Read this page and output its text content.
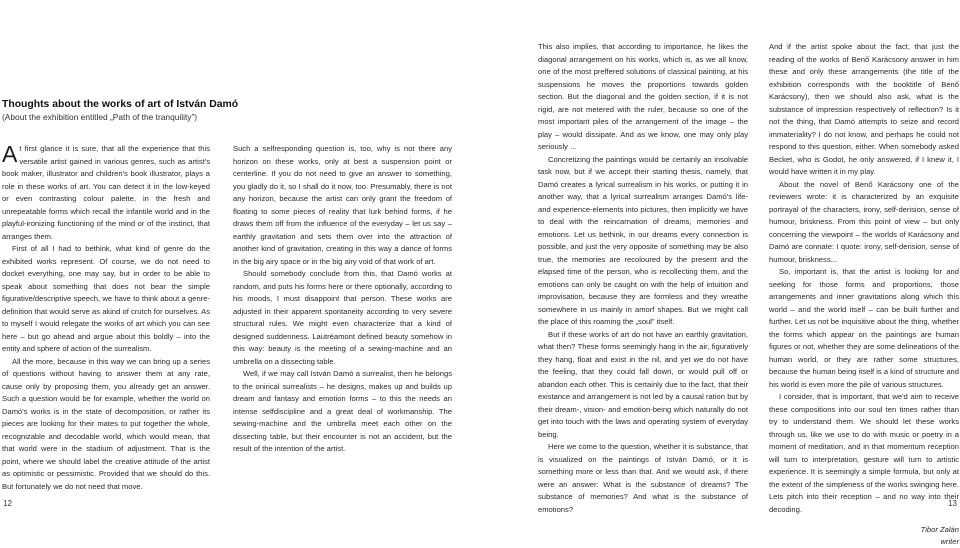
Thoughts about the works of art of István Damó
(About the exhibition entitled „Path of the tranquility”)

At first glance it is sure, that all the experience that this versatile artist gained in various genres, such as artist's book maker, illustrator and children's book illustrator, plays a role in these works of art. You can detect it in the low-keyed or even contrasting colour palette, in the fresh and unrepeatable forms which recall the infantile world and in the playful-ironizing functioning of the mind or of the instinct, that arranges them.

First of all I had to bethink, what kind of genre do the exhibited works represent. Of course, we do not need to docket everything, one may say, but in order to be able to speak about something that does not bear the simple figurative/descriptive speech, we have to think about a genre-definition that would serve as akind of crutch for ourselves. As to myself I would relegate the works of art which you can see here – but go ahead and argue about this boldly – into the entity and sphere of action of the surrealism.

All the more, because in this way we can bring up a series of questions without having to answer them at any rate, cause only by proposing them, you already get an answer. Such a question would be for example, whether the world on Damó's works is in the state of decomposition, or rather its pieces are looking for their mates to put together the whole, recognizable and decodable world, which would mean, that that world were in the stadium of adjustment. That is the point, where we should label the creative attitude of the artist as optimistic or pessimistic. Provided that we should do this. But fortunately we do not need that move.

Such a selfresponding question is, too, why is not there any horizon on these works, only at best a suspension point or centerline. If you do not need to give an answer to something, you gladly do it, so I shall do it now, too. Presumably, there is not any horizon, because the artist can only grant the freedom of floating to some pieces of reality that lurk behind forms, if he draws them off from the influence of the everyday – let us say – earthly gravitation and sets them over into the attraction of another kind of gravitation, creating in this way a dance of forms in the big airy space or in the big airy void of that work of art.

Should somebody conclude from this, that Damó works at random, and puts his forms here or there optionally, according to his moods, I must disappoint that person. These works are adjusted in their apparent spontaneity according to very severe structural rules. We might even characterize that a kind of designed suddenness. Lautréamont defined beauty somehow in this way: beauty is the meeting of a sewing-machine and an umbrella on a dissecting table.

Well, if we may call István Damó a surrealist, then he belongs to the onirical surrealists – he designs, makes up and builds up dream and fantasy and emotion forms – to this the needs an intense selfdiscipline and a great deal of workmanship. The sewing-machine and the umbrella meet each other on the dissecting table, but their encounter is not an accident, but the result of the intention of the artist.

12	13

This also implies, that according to importance, he likes the diagonal arrangement on his works, which is, as we all know, one of the most preffered solutions of classical painting, at his suspensions he moves the proportions towards golden section. But the diagonal and the golden section, if it is not rigid, are not metered with the ruler, because so one of the most important piles of the arrangement of the image – the play – would dissipate. And as we know, one may only play seriously ...

Concretizing the paintings would be certainly an insolvable task now, but if we accept their starting thesis, namely, that Damó creates a lyrical surrealism in his works, or putting it in another way, that a lyrical surrealism arranges Damó's life- and experience-elements into pictures, then implicitly we have to deal with the reincarnation of dreams, memories and emotions. Let us bethink, in our dreams every connection is possible, and just the very opposite of something may be also true, the memories are recoloured by the present and the elapsed time of the person, who is recollecting them, and the emotions can only be caught on with the help of intuition and improvisation, because they are formless and they wreathe somewhere in us mainly in amorf shapes. But we might call the place of this roaming the „soul” itself.

But if these works of art do not have an earthly gravitation, what then? These forms seemingly hang in the air, figuratively they hang, float and exist in the nil, and yet we do not have the feeling, that they could fall down, or would pull off or abandon each other. This is certainly due to the fact, that their existance and arrangement is not led by a causal ration but by their dream-, vision- and emotion-being which naturally do not get into touch with the laws and operating system of everyday being.

Here we come to the question, whether it is substance, that is visualized on the paintings of István Damó, or it is something more or less than that. And we would ask, if there were an answer: What is the substance of dreams? The substance of memories? And what is the substance of emotions?

And if the artist spoke about the fact, that just the reading of the works of Benő Karácsony answer in him these and only these arrangements (the title of the exhibition corresponds with the booktitle of Benő Karácsony), then we should also ask, what is the substance of impression respectively of reflection? Is it not the thing, that Damó attempts to seize and record immateriality? I do not know, and perhaps he could not respond to this question, either. When somebody asked Becket, who is Godot, he only answered, if I knew it, I would have written it in my play.

About the novel of Benő Karácsony one of the reviewers wrote: it is characterized by an exquisite portrayal of the characters, irony, self-derision, sense of humour, briskness. From this point of view – but only concerning the viewpoint – the worlds of Karácsony and Damó are connate: I quote: irony, self-derision, sense of humour, briskness...

So, important is, that the artist is looking for and seeking for those forms and proportions, those arrangements and inner gravitations along which this world – and the world itself – can be built further and further. Let us not be inquisitive about the thing, whether the forms which appear on the paintings are human figures or not, whether they are some delineations of the human world, or they are rather some structures, because the human being itself is a kind of structure and his world is even more the pile of various structures.

I consider, that is important, that we'd aim to receive these compositions into our soul ten times rather than try to understand them. We should let these works through us, like we use to do with music or poetry in a moment of meditation, and in that momentum reception will turn to interpretation, gesture will turn to artistic experience. It is seemingly a simple formula, but only at the extent of the simpleness of the works swinging here. Lets pitch into their reception – and no way into their decoding.

Tibor Zalán
writer
